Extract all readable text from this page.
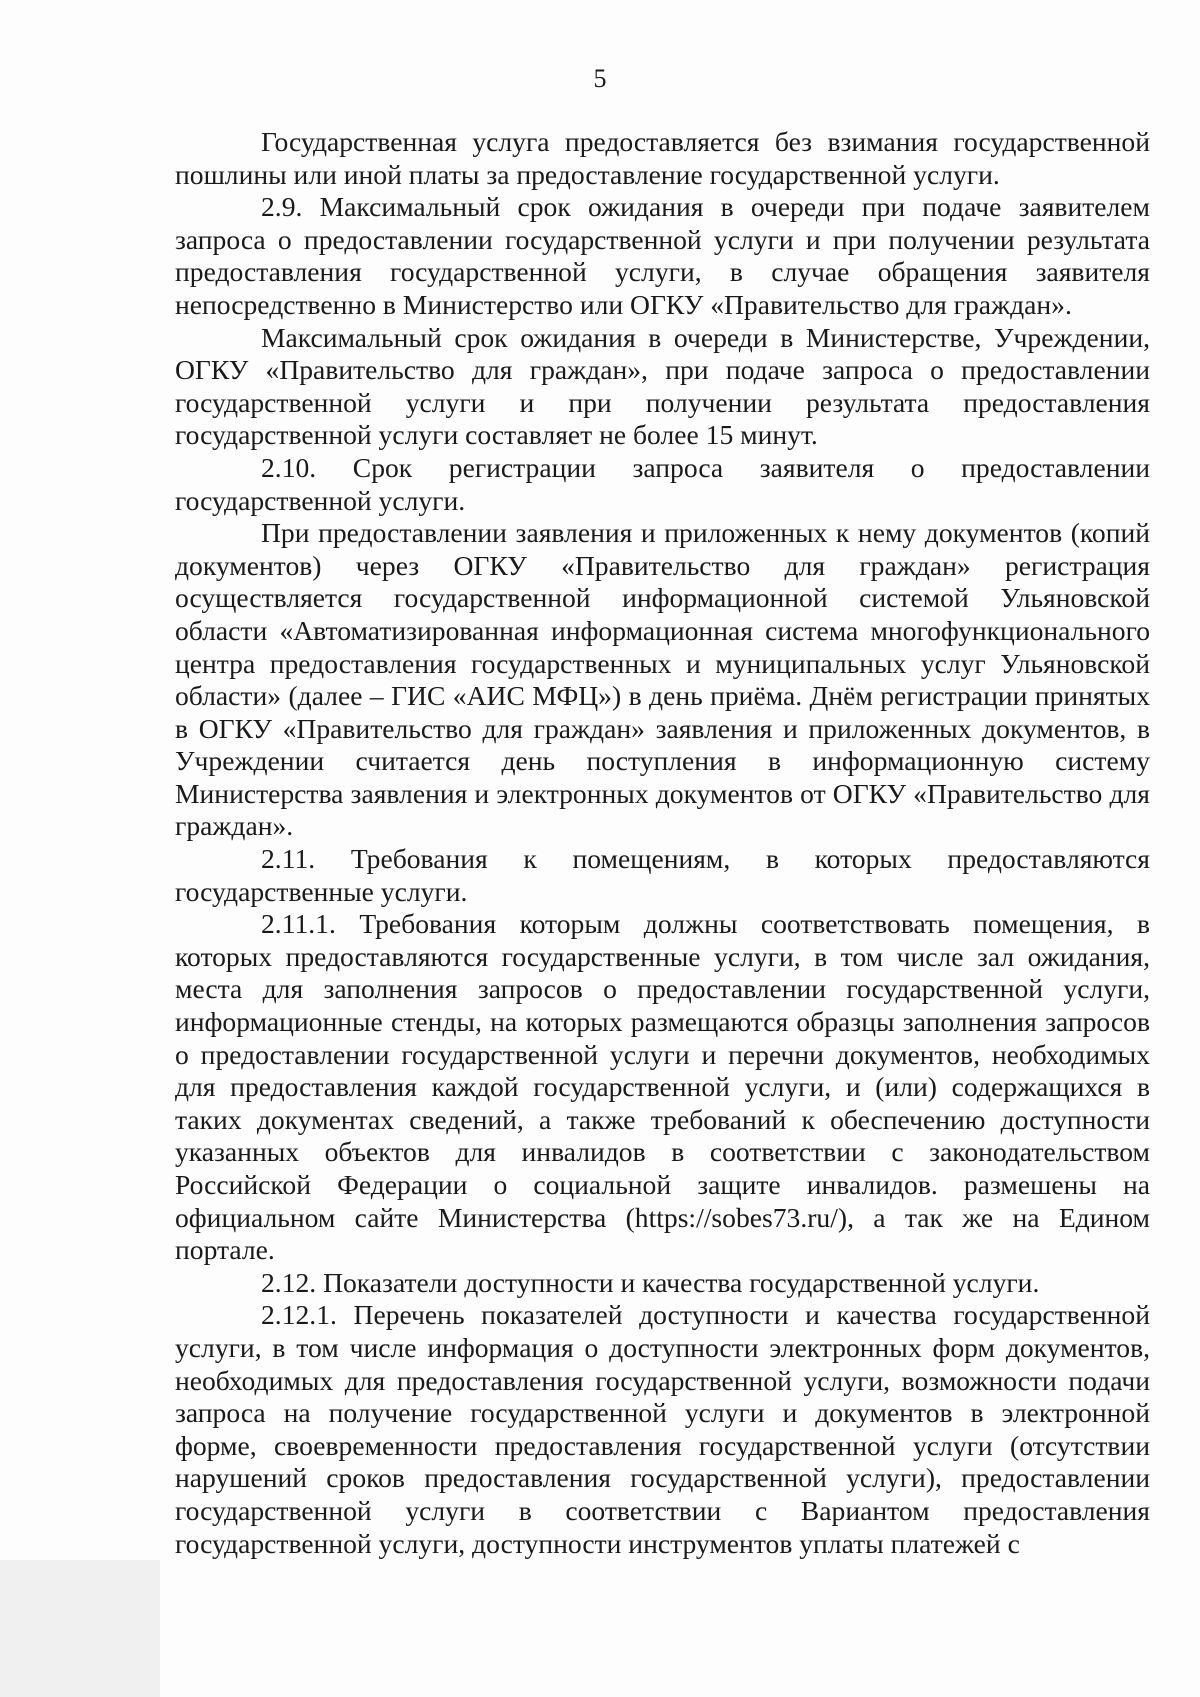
5

Государственная услуга предоставляется без взимания государственной пошлины или иной платы за предоставление государственной услуги.

2.9. Максимальный срок ожидания в очереди при подаче заявителем запроса о предоставлении государственной услуги и при получении результата предоставления государственной услуги, в случае обращения заявителя непосредственно в Министерство или ОГКУ «Правительство для граждан».

Максимальный срок ожидания в очереди в Министерстве, Учреждении, ОГКУ «Правительство для граждан», при подаче запроса о предоставлении государственной услуги и при получении результата предоставления государственной услуги составляет не более 15 минут.

2.10. Срок регистрации запроса заявителя о предоставлении государственной услуги.

При предоставлении заявления и приложенных к нему документов (копий документов) через ОГКУ «Правительство для граждан» регистрация осуществляется государственной информационной системой Ульяновской области «Автоматизированная информационная система многофункционального центра предоставления государственных и муниципальных услуг Ульяновской области» (далее – ГИС «АИС МФЦ») в день приёма. Днём регистрации принятых в ОГКУ «Правительство для граждан» заявления и приложенных документов, в Учреждении считается день поступления в информационную систему Министерства заявления и электронных документов от ОГКУ «Правительство для граждан».

2.11. Требования к помещениям, в которых предоставляются государственные услуги.

2.11.1. Требования которым должны соответствовать помещения, в которых предоставляются государственные услуги, в том числе зал ожидания, места для заполнения запросов о предоставлении государственной услуги, информационные стенды, на которых размещаются образцы заполнения запросов о предоставлении государственной услуги и перечни документов, необходимых для предоставления каждой государственной услуги, и (или) содержащихся в таких документах сведений, а также требований к обеспечению доступности указанных объектов для инвалидов в соответствии с законодательством Российской Федерации о социальной защите инвалидов. размешены на официальном сайте Министерства (https://sobes73.ru/), а так же на Едином портале.

2.12. Показатели доступности и качества государственной услуги.

2.12.1. Перечень показателей доступности и качества государственной услуги, в том числе информация о доступности электронных форм документов, необходимых для предоставления государственной услуги, возможности подачи запроса на получение государственной услуги и документов в электронной форме, своевременности предоставления государственной услуги (отсутствии нарушений сроков предоставления государственной услуги), предоставлении государственной услуги в соответствии с Вариантом предоставления государственной услуги, доступности инструментов уплаты платежей с
